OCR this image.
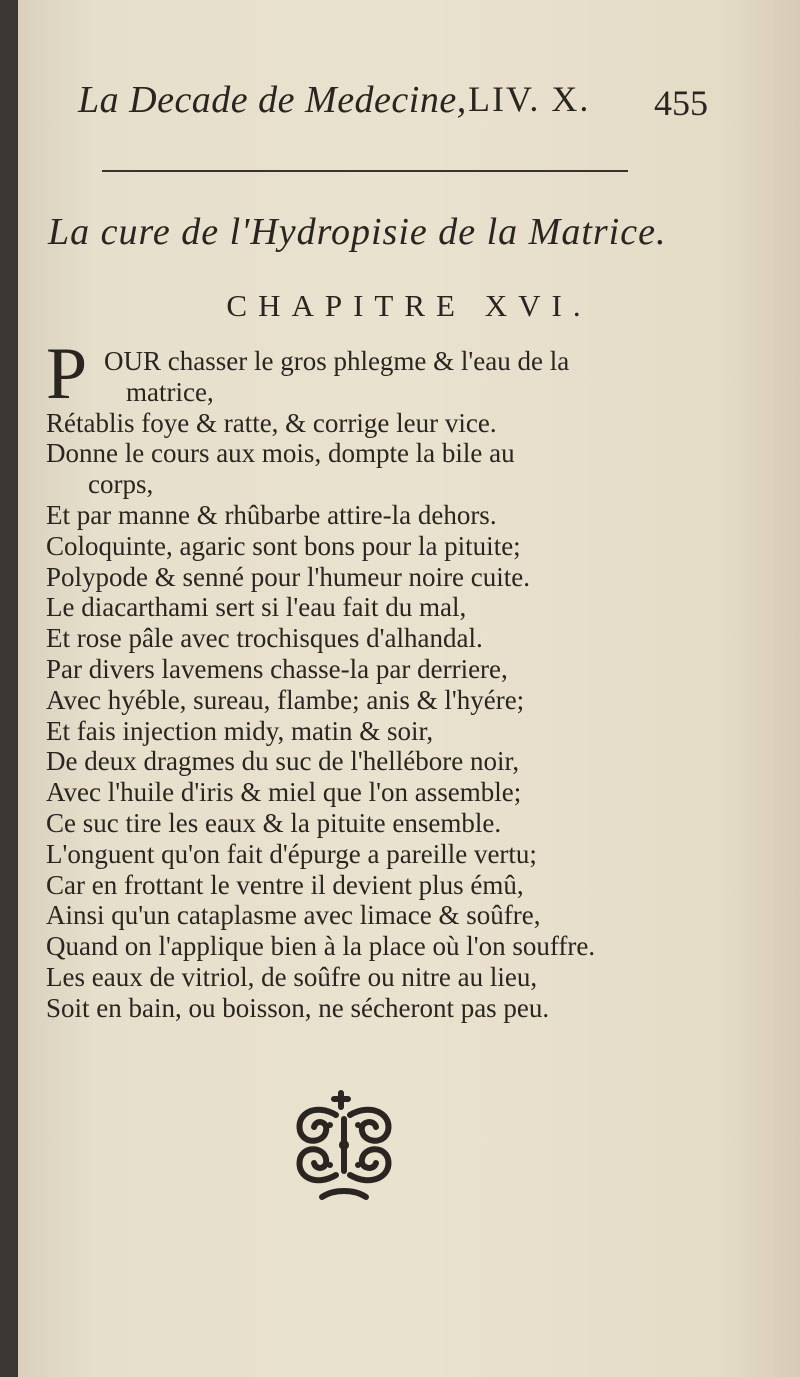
La Decade de Medecine, LIV. X. 455
La cure de l'Hydropisie de la Matrice.
CHAPITRE XVI.
P OUR chasser le gros phlegme & l'eau de la
matrice,
Rétablis foye & ratte, & corrige leur vice.
Donne le cours aux mois, dompte la bile au
corps,
Et par manne & rhûbarbe attire-la dehors.
Coloquinte, agaric sont bons pour la pituite;
Polypode & senné pour l'humeur noire cuite.
Le diacarthami sert si l'eau fait du mal,
Et rose pâle avec trochisques d'alhandal.
Par divers lavemens chasse-la par derriere,
Avec hyéble, sureau, flambe; anis & l'hyére;
Et fais injection midy, matin & soir,
De deux dragmes du suc de l'hellébore noir,
Avec l'huile d'iris & miel que l'on assemble;
Ce suc tire les eaux & la pituite ensemble.
L'onguent qu'on fait d'épurge a pareille vertu;
Car en frottant le ventre il devient plus émû,
Ainsi qu'un cataplasme avec limace & soûfre,
Quand on l'applique bien à la place où l'on souffre.
Les eaux de vitriol, de soûfre ou nitre au lieu,
Soit en bain, ou boisson, ne sécheront pas peu.
